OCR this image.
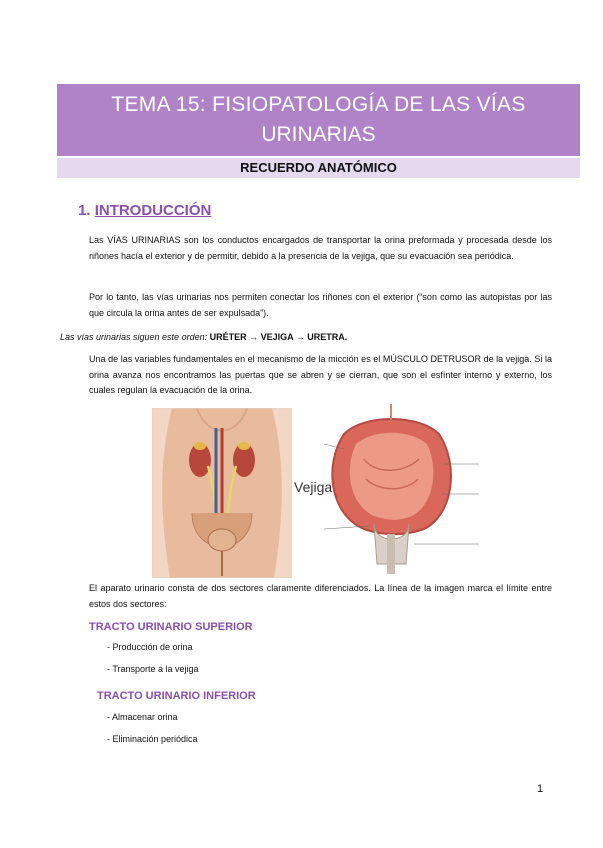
TEMA 15: FISIOPATOLOGÍA DE LAS VÍAS
URINARIAS
RECUERDO ANATÓMICO
1. INTRODUCCIÓN
Las VÍAS URINARIAS son los conductos encargados de transportar la orina preformada y procesada desde los riñones hacía el exterior y de permitir, debido a la presencia de la vejiga, que su evacuación sea periódica.
Por lo tanto, las vías urinarias nos permiten conectar los riñones con el exterior (“son como las autopistas por las que circula la orina antes de ser expulsada”).
Las vías urinarias siguen este orden: URÉTER → VEJIGA → URETRA.
Una de las variables fundamentales en el mecanismo de la micción es el MÚSCULO DETRUSOR de la vejiga. Si la orina avanza nos encontramos las puertas que se abren y se cierran, que son el esfínter interno y externo, los cuales regulan la evacuación de la orina.
Vejiga
El aparato urinario consta de dos sectores claramente diferenciados. La línea de la imagen marca el límite entre estos dos sectores:
TRACTO URINARIO SUPERIOR
- Producción de orina
- Transporte a la vejiga
TRACTO URINARIO INFERIOR
- Almacenar orina
- Eliminación periódica
1
